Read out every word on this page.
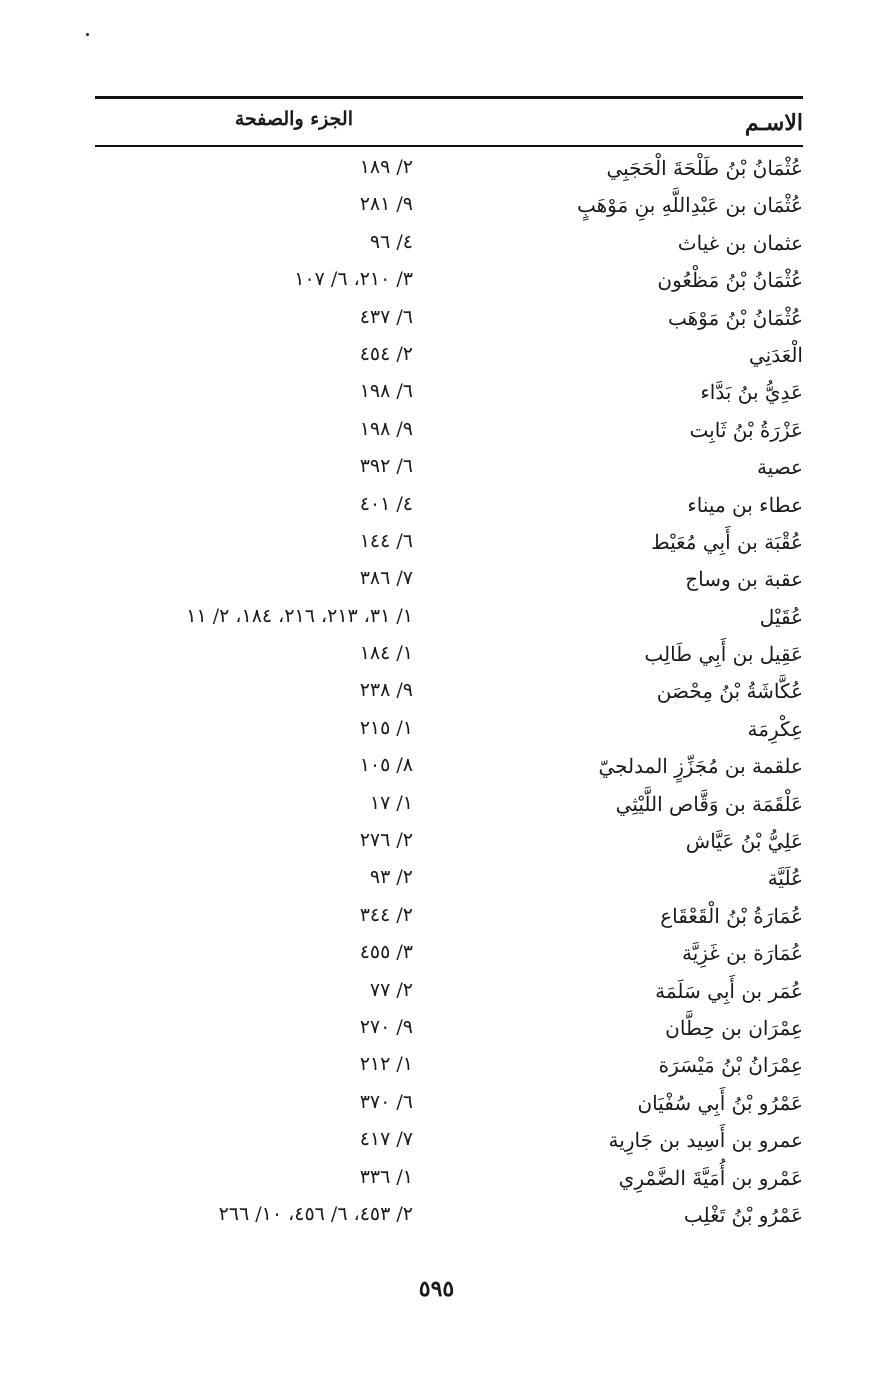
الاسـم
الجزء والصفحة
عُثْمَانُ بْنُ طَلْحَةَ الْحَجَبِي
٢/ ١٨٩
عُثْمَان بن عَبْدِاللَّهِ بنِ مَوْهَبٍ
٩/ ٢٨١
عثمان بن غياث
٤/ ٩٦
عُثْمَانُ بْنُ مَظْعُون
٣/ ٢١٠، ٦/ ١٠٧
عُثْمَانُ بْنُ مَوْهَب
٦/ ٤٣٧
الْعَدَنِي
٢/ ٤٥٤
عَدِيُّ بنُ بَدَّاء
٦/ ١٩٨
عَزْرَةُ بْنُ ثَابِت
٩/ ١٩٨
عصية
٦/ ٣٩٢
عطاء بن ميناء
٤/ ٤٠١
عُقْبَة بن أَبِي مُعَيْط
٦/ ١٤٤
عقبة بن وساج
٧/ ٣٨٦
عُقَيْل
١/ ٣١، ٢١٣، ٢١٦، ١٨٤، ٢/ ١١
عَقِيل بن أَبِي طَالِب
١/ ١٨٤
عُكَّاشَةُ بْنُ مِحْصَن
٩/ ٢٣٨
عِكْرِمَة
١/ ٢١٥
علقمة بن مُجَزِّزٍ المدلجيّ
٨/ ١٠٥
عَلْقَمَة بن وَقَّاص اللَّيْثِي
١/ ١٧
عَلِيُّ بْنُ عَيَّاش
٢/ ٢٧٦
عُلَيَّة
٢/ ٩٣
عُمَارَةُ بْنُ الْقَعْقَاع
٢/ ٣٤٤
عُمَارَة بن غَزِيَّة
٣/ ٤٥٥
عُمَر بن أَبِي سَلَمَة
٢/ ٧٧
عِمْرَان بن حِطَّان
٩/ ٢٧٠
عِمْرَانُ بْنُ مَيْسَرَة
١/ ٢١٢
عَمْرُو بْنُ أَبِي سُفْيَان
٦/ ٣٧٠
عمرو بن أَسِيد بن جَارِية
٧/ ٤١٧
عَمْرو بن أُمَيَّةَ الضَّمْرِي
١/ ٣٣٦
عَمْرُو بْنُ تَغْلِب
٢/ ٤٥٣، ٦/ ٤٥٦، ١٠/ ٢٦٦
٥٩٥
